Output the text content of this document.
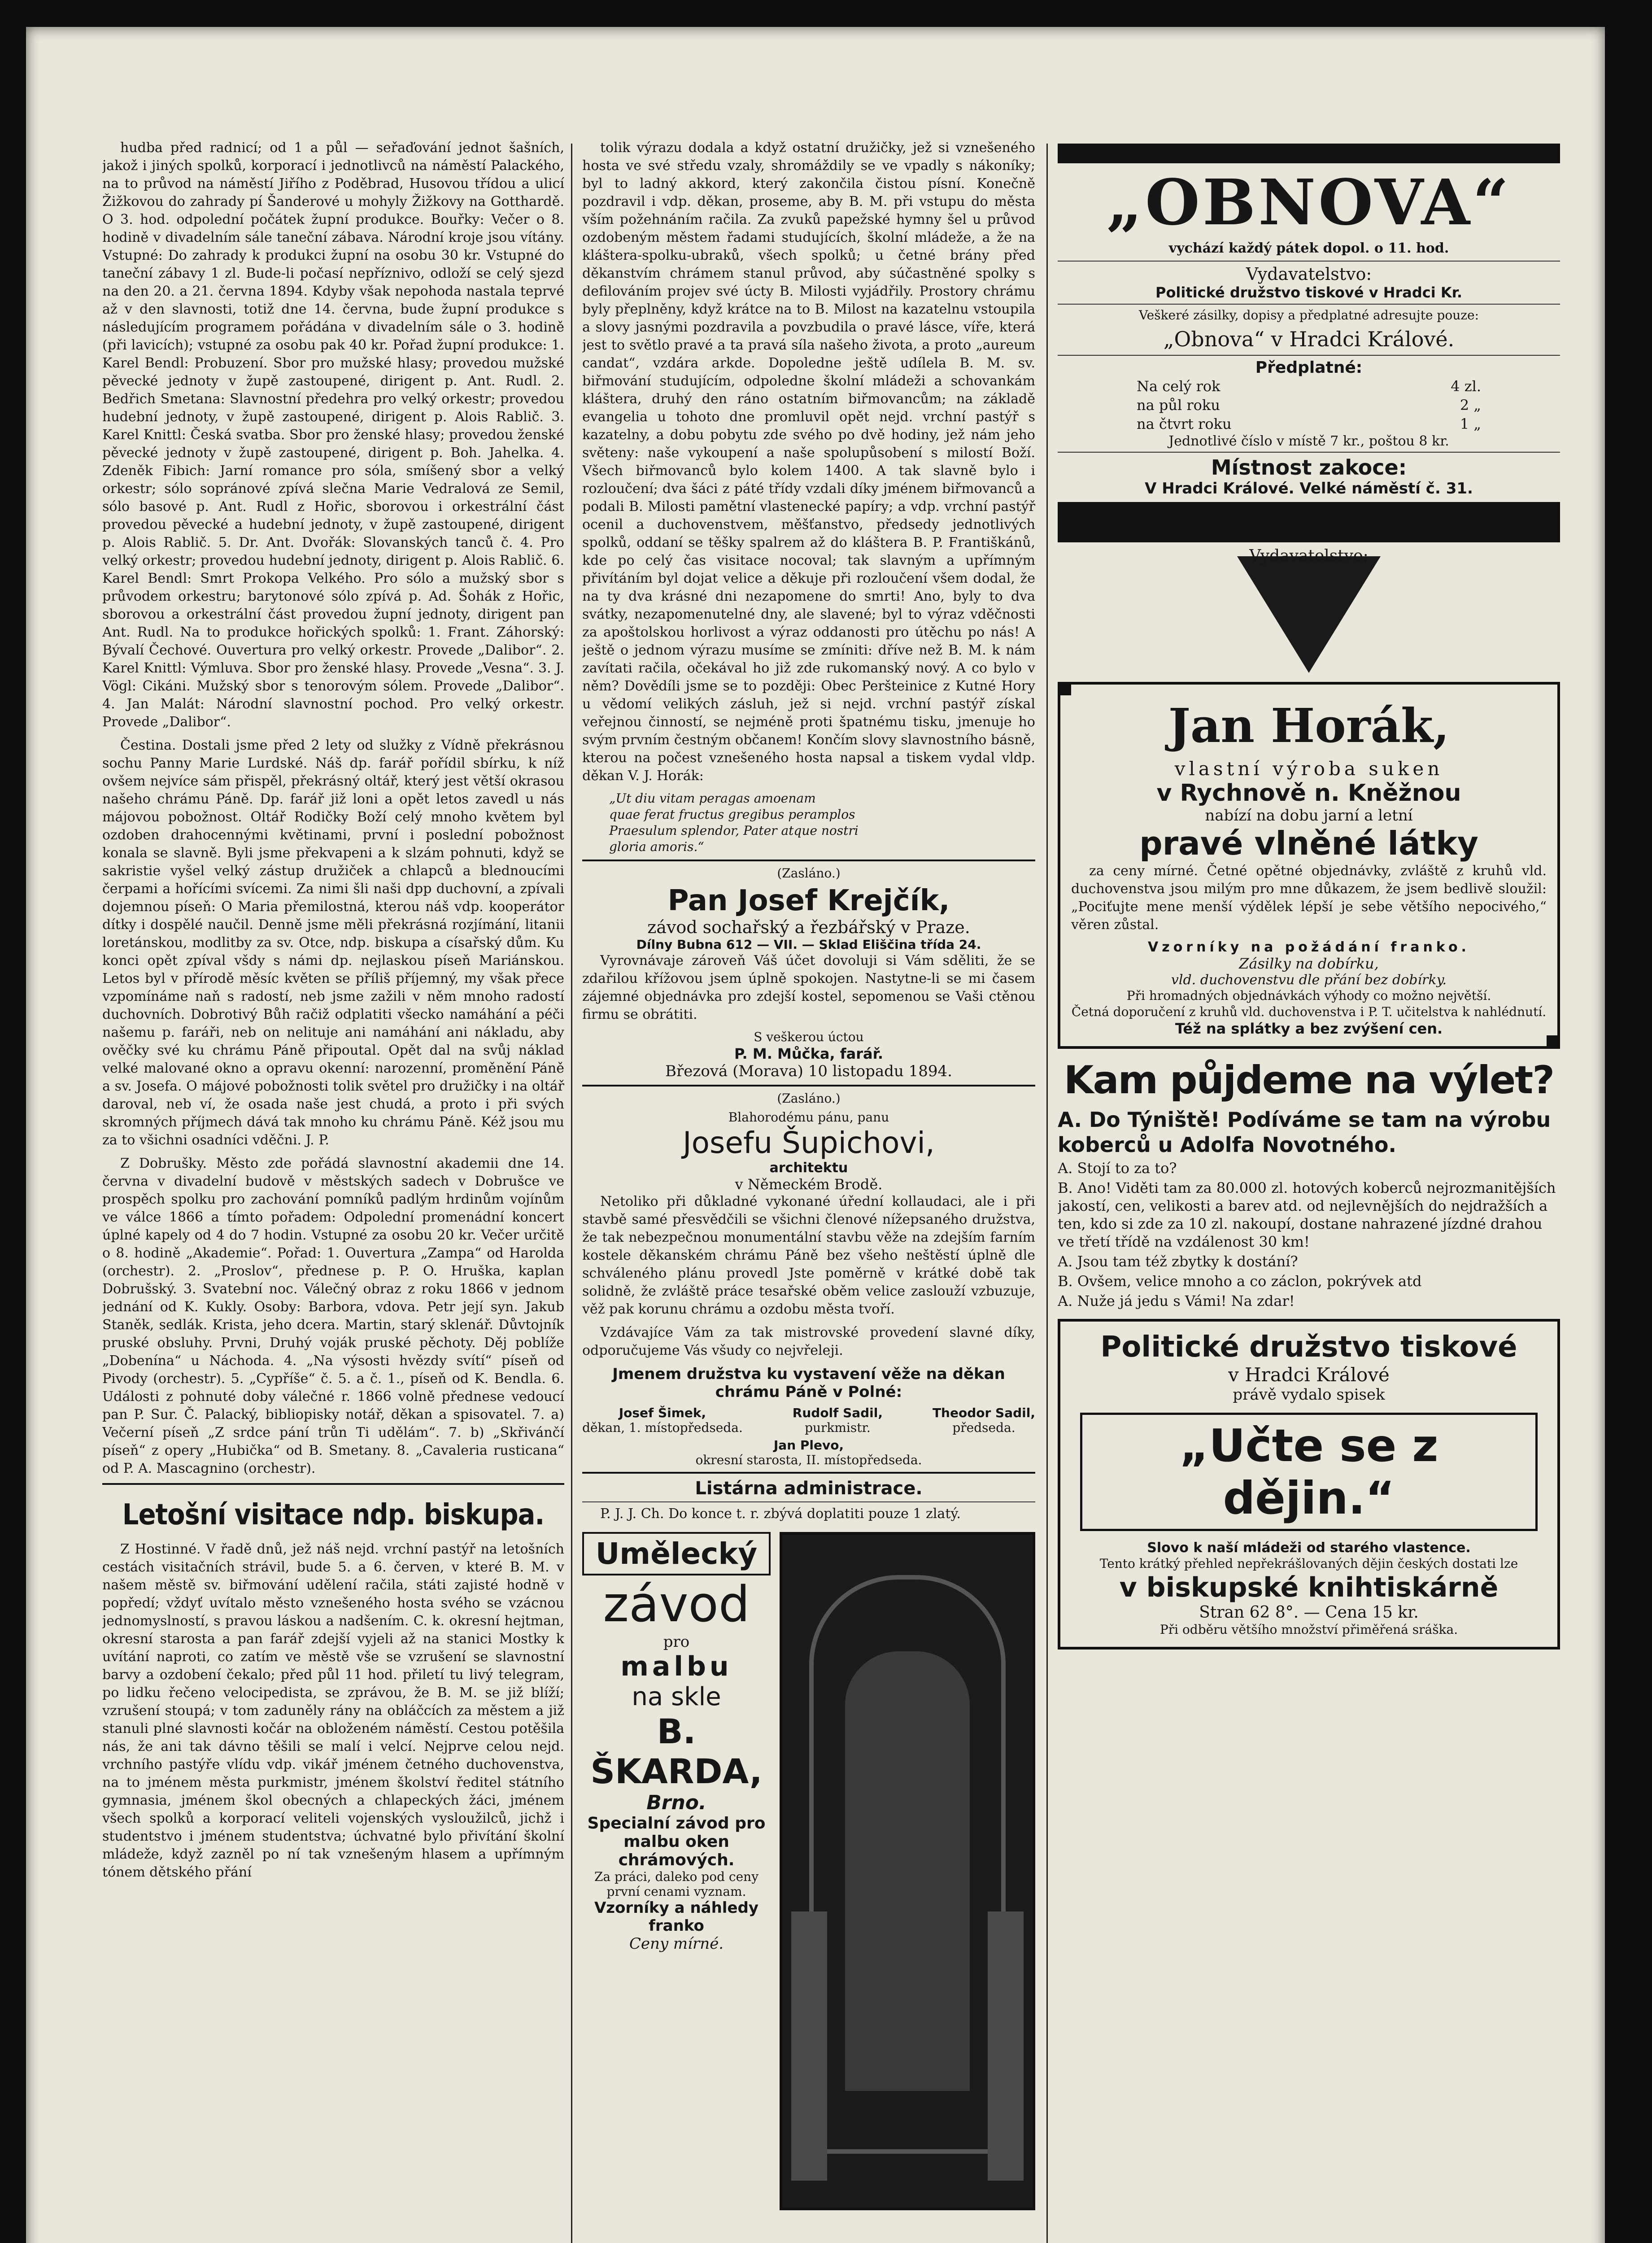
hudba před radnicí; od 1 a půl — seřaďování jednot šašních, jakož i jiných spolků, korporací i jednotlivců na náměstí Palackého, na to průvod na náměstí Jiřího z Poděbrad, Husovou třídou a ulicí Žižkovou do zahrady pí Šanderové u mohyly Žižkovy na Gotthardě. O 3. hod. odpolední počátek župní produkce. Bouřky: Večer o 8. hodině v divadelním sále taneční zábava. Národní kroje jsou vítány. Vstupné: Do zahrady k produkci župní na osobu 30 kr. Vstupné do taneční zábavy 1 zl. Bude-li počasí nepříznivo, odloží se celý sjezd na den 20. a 21. června 1894. Kdyby však nepohoda nastala teprvé až v den slavnosti, totiž dne 14. června, bude župní produkce s následujícím programem pořádána v divadelním sále o 3. hodině (při lavicích); vstupné za osobu pak 40 kr. Pořad župní produkce: 1. Karel Bendl: Probuzení. Sbor pro mužské hlasy; provedou mužské pěvecké jednoty v župě zastoupené, dirigent p. Ant. Rudl. 2. Bedřich Smetana: Slavnostní předehra pro velký orkestr; provedou hudební jednoty, v župě zastoupené, dirigent p. Alois Rablič. 3. Karel Knittl: Česká svatba. Sbor pro ženské hlasy; provedou ženské pěvecké jednoty v župě zastoupené, dirigent p. Boh. Jahelka. 4. Zdeněk Fibich: Jarní romance pro sóla, smíšený sbor a velký orkestr; sólo sopránové zpívá slečna Marie Vedralová ze Semil, sólo basové p. Ant. Rudl z Hořic, sborovou i orkestrální část provedou pěvecké a hudební jednoty, v župě zastoupené, dirigent p. Alois Rablič. 5. Dr. Ant. Dvořák: Slovanských tanců č. 4. Pro velký orkestr; provedou hudební jednoty, dirigent p. Alois Rablič. 6. Karel Bendl: Smrt Prokopa Velkého. Pro sólo a mužský sbor s průvodem orkestru; barytonové sólo zpívá p. Ad. Šohák z Hořic, sborovou a orkestrální část provedou župní jednoty, dirigent pan Ant. Rudl. Na to produkce hořických spolků: 1. Frant. Záhorský: Bývalí Čechové. Ouvertura pro velký orkestr. Provede „Dalibor“. 2. Karel Knittl: Výmluva. Sbor pro ženské hlasy. Provede „Vesna“. 3. J. Vögl: Cikáni. Mužský sbor s tenorovým sólem. Provede „Dalibor“. 4. Jan Malát: Národní slavnostní pochod. Pro velký orkestr. Provede „Dalibor“.

Čestina. Dostali jsme před 2 lety od služky z Vídně překrásnou sochu Panny Marie Lurdské. Náš dp. farář pořídil sbírku, k níž ovšem nejvíce sám přispěl, překrásný oltář, který jest větší okrasou našeho chrámu Páně. Dp. farář již loni a opět letos zavedl u nás májovou pobožnost. Oltář Rodičky Boží celý mnoho květem byl ozdoben drahocennými květinami, první i poslední pobožnost konala se slavně. Byli jsme překvapeni a k slzám pohnuti, když se sakristie vyšel velký zástup družiček a chlapců a blednoucími čerpami a hořícími svícemi. Za nimi šli naši dpp duchovní, a zpívali dojemnou píseň: O Maria přemilostná, kterou náš vdp. kooperátor dítky i dospělé naučil. Denně jsme měli překrásná rozjímání, litanii loretánskou, modlitby za sv. Otce, ndp. biskupa a císařský dům. Ku konci opět zpíval všdy s námi dp. nejlaskou píseň Mariánskou. Letos byl v přírodě měsíc květen se příliš příjemný, my však přece vzpomínáme naň s radostí, neb jsme zažili v něm mnoho radostí duchovních. Dobrotivý Bůh račiž odplatiti všecko namáhání a péči našemu p. faráři, neb on nelituje ani namáhání ani nákladu, aby ověčky své ku chrámu Páně připoutal. Opět dal na svůj náklad velké malované okno a opravu okenní: narozenní, proměnění Páně a sv. Josefa. O májové pobožnosti tolik světel pro družičky i na oltář daroval, neb ví, že osada naše jest chudá, a proto i při svých skromných příjmech dává tak mnoho ku chrámu Páně. Kéž jsou mu za to všichni osadníci vděčni. J. P.

Z Dobrušky. Město zde pořádá slavnostní akademii dne 14. června v divadelní budově v městských sadech v Dobrušce ve prospěch spolku pro zachování pomníků padlým hrdinům vojínům ve válce 1866 a tímto pořadem: Odpolední promenádní koncert úplné kapely od 4 do 7 hodin. Vstupné za osobu 20 kr. Večer určitě o 8. hodině „Akademie“. Pořad: 1. Ouvertura „Zampa“ od Harolda (orchestr). 2. „Proslov“, přednese p. P. O. Hruška, kaplan Dobrušský. 3. Svatební noc. Válečný obraz z roku 1866 v jednom jednání od K. Kukly. Osoby: Barbora, vdova. Petr její syn. Jakub Staněk, sedlák. Krista, jeho dcera. Martin, starý sklenář. Důvtojník pruské obsluhy. Prvni, Druhý voják pruské pěchoty. Děj poblíže „Dobenína“ u Náchoda. 4. „Na výsosti hvězdy svítí“ píseň od Pivody (orchestr). 5. „Cypříše“ č. 5. a č. 1., píseň od K. Bendla. 6. Události z pohnuté doby válečné r. 1866 volně přednese vedoucí pan P. Sur. Č. Palacký, bibliopisky notář, děkan a spisovatel. 7. a) Večerní píseň „Z srdce pání trůn Ti udělám“. 7. b) „Skřivánčí píseň“ z opery „Hubička“ od B. Smetany. 8. „Cavaleria rusticana“ od P. A. Mascagnino (orchestr).

Letošní visitace ndp. biskupa.

Z Hostinné. V řadě dnů, jež náš nejd. vrchní pastýř na letošních cestách visitačních strávil, bude 5. a 6. červen, v které B. M. v našem městě sv. biřmování udělení račila, státi zajisté hodně v popředí; vždyť uvítalo město vznešeného hosta svého se vzácnou jednomyslností, s pravou láskou a nadšením. C. k. okresní hejtman, okresní starosta a pan farář zdejší vyjeli až na stanici Mostky k uvítání naproti, co zatím ve městě vše se vzrušení se slavnostní barvy a ozdobení čekalo; před půl 11 hod. přiletí tu livý telegram, po lidku řečeno velocipedista, se zprávou, že B. M. se již blíží; vzrušení stoupá; v tom zaduněly rány na obláčcích za městem a již stanuli plné slavnosti kočár na obloženém náměstí. Cestou potěšila nás, že ani tak dávno těšili se malí i velcí. Nejprve celou nejd. vrchního pastýře vlídu vdp. vikář jménem četného duchovenstva, na to jménem města purkmistr, jménem školství ředitel státního gymnasia, jménem škol obecných a chlapeckých žáci, jménem všech spolků a korporací veliteli vojenských vysloužilců, jichž i studentstvo i jménem studentstva; úchvatné bylo přivítání školní mládeže, když zazněl po ní tak vznešeným hlasem a upřímným tónem dětského přání

tolik výrazu dodala a když ostatní družičky, jež si vznešeného hosta ve své středu vzaly, shromáždily se ve vpadly s nákoníky; byl to ladný akkord, který zakončila čistou písní. Konečně pozdravil i vdp. děkan, proseme, aby B. M. při vstupu do města vším požehnáním račila. Za zvuků papežské hymny šel u průvod ozdobeným městem řadami studujících, školní mládeže, a že na kláštera-spolku-ubraků, všech spolků; u četné brány před děkanstvím chrámem stanul průvod, aby súčastněné spolky s defilováním projev své úcty B. Milosti vyjádřily. Prostory chrámu byly přeplněny, když krátce na to B. Milost na kazatelnu vstoupila a slovy jasnými pozdravila a povzbudila o pravé lásce, víře, která jest to světlo pravé a ta pravá síla našeho života, a proto „aureum candat“, vzdára arkde. Dopoledne ještě udílela B. M. sv. biřmování studujícím, odpoledne školní mládeži a schovankám kláštera, druhý den ráno ostatním biřmovancům; na základě evangelia u tohoto dne promluvil opět nejd. vrchní pastýř s kazatelny, a dobu pobytu zde svého po dvě hodiny, jež nám jeho světeny: naše vykoupení a naše spolupůsobení s milostí Boží. Všech biřmovanců bylo kolem 1400. A tak slavně bylo i rozloučení; dva šáci z páté třídy vzdali díky jménem biřmovanců a podali B. Milosti pamětní vlastenecké papíry; a vdp. vrchní pastýř ocenil a duchovenstvem, měšťanstvo, předsedy jednotlivých spolků, oddaní se těšky spalrem až do kláštera B. P. Františkánů, kde po celý čas visitace nocoval; tak slavným a upřímným přivítáním byl dojat velice a děkuje při rozloučení všem dodal, že na ty dva krásné dni nezapomene do smrti! Ano, byly to dva svátky, nezapomenutelné dny, ale slavené; byl to výraz vděčnosti za apoštolskou horlivost a výraz oddanosti pro útěchu po nás! A ještě o jednom výrazu musíme se zmíniti: dříve než B. M. k nám zavítati račila, očekával ho již zde rukomanský nový. A co bylo v něm? Dovědíli jsme se to později: Obec Peršteinice z Kutné Hory u vědomí velikých zásluh, jež si nejd. vrchní pastýř získal veřejnou činností, se nejméně proti špatnému tisku, jmenuje ho svým prvním čestným občanem! Končím slovy slavnostního básně, kterou na počest vznešeného hosta napsal a tiskem vydal vldp. děkan V. J. Horák:

„Ut diu vitam peragas amoenam
quae ferat fructus gregibus peramplos
Praesulum splendor, Pater atque nostri
gloria amoris.“
(Zasláno.)
Pan Josef Krejčík,
závod sochařský a řezbářský v Praze.
Dílny Bubna 612 — VII. — Sklad Eliščina třída 24.

Vyrovnávaje zároveň Váš účet dovoluji si Vám sděliti, že se zdařilou křížovou jsem úplně spokojen. Nastytne-li se mi časem zájemné objednávka pro zdejší kostel, sepomenou se Vaši ctěnou firmu se obrátiti.

S veškerou úctou
P. M. Můčka, farář.
Březová (Morava) 10 listopadu 1894.
(Zasláno.)
Blahorodému pánu, panu
Josefu Šupichovi,
architektu
v Německém Brodě.

Netoliko při důkladné vykonané úřední kollaudaci, ale i při stavbě samé přesvědčili se všichni členové nížepsaného družstva, že tak nebezpečnou monumentální stavbu věže na zdejším farním kostele děkanském chrámu Páně bez všeho neštěstí úplně dle schváleného plánu provedl Jste poměrně v krátké době tak solidně, že zvláště práce tesařské oběm velice zaslouží vzbuzuje, věž pak korunu chrámu a ozdobu města tvoří.

Vzdávajíce Vám za tak mistrovské provedení slavné díky, odporučujeme Vás všudy co nejvřeleji.

Jmenem družstva ku vystavení věže na děkan chrámu Páně v Polné:
Josef Šimek,
děkan, 1. místopředseda.
Rudolf Sadil,
purkmistr.
Theodor Sadil,
předseda.
Jan Plevo,
okresní starosta, II. místopředseda.
Listárna administrace.

P. J. J. Ch. Do konce t. r. zbývá doplatiti pouze 1 zlatý.

Umělecký
závod
pro
malbu
na skle
B. ŠKARDA,
Brno.
Specialní závod pro malbu oken chrámových.
Za práci, daleko pod ceny první cenami vyznam.
Vzorníky a náhledy franko
Ceny mírné.
„OBNOVA“
vychází každý pátek dopol. o 11. hod.
Vydavatelstvo:
Politické družstvo tiskové v Hradci Kr.
Veškeré zásilky, dopisy a předplatné adresujte pouze:
„Obnova“ v Hradci Králové.
Předplatné:
Na celý rok	4 zl.
na půl roku	2 „
na čtvrt roku	1 „
Jednotlivé číslo v místě 7 kr., poštou 8 kr.
Místnost zakoce:
V Hradci Králové. Velké náměstí č. 31.
Vydavatelstvo:
Jan Horák,
vlastní výroba suken
v Rychnově n. Kněžnou
nabízí na dobu jarní a letní
pravé vlněné látky

za ceny mírné. Četné opětné objednávky, zvláště z kruhů vld. duchovenstva jsou milým pro mne důkazem, že jsem bedlivě sloužil: „Pociťujte mene menší výdělek lépší je sebe většího nepocivého,“ věren zůstal.

Vzorníky na požádání franko.
Zásilky na dobírku,
vld. duchovenstvu dle přání bez dobírky.
Při hromadných objednávkách výhody co možno největší.
Četná doporučení z kruhů vld. duchovenstva i P. T. učitelstva k nahlédnutí.
Též na splátky a bez zvýšení cen.
Kam půjdeme na výlet?

A. Do Týniště! Podíváme se tam na výrobu koberců u Adolfa Novotného.

A. Stojí to za to?

B. Ano! Viděti tam za 80.000 zl. hotových koberců nejrozmanitějších jakostí, cen, velikosti a barev atd. od nejlevnějších do nejdražších a ten, kdo si zde za 10 zl. nakoupí, dostane nahrazené jízdné drahou ve třetí třídě na vzdálenost 30 km!

A. Jsou tam též zbytky k dostání?

B. Ovšem, velice mnoho a co záclon, pokrývek atd

A. Nuže já jedu s Vámi! Na zdar!

Politické družstvo tiskové
v Hradci Králové
právě vydalo spisek
„Učte se z dějin.“
Slovo k naší mládeži od starého vlastence.
Tento krátký přehled nepřekrášlovaných dějin českých dostati lze
v biskupské knihtiskárně
Stran 62 8°. — Cena 15 kr.
Při odběru většího množství přiměřená sráška.
